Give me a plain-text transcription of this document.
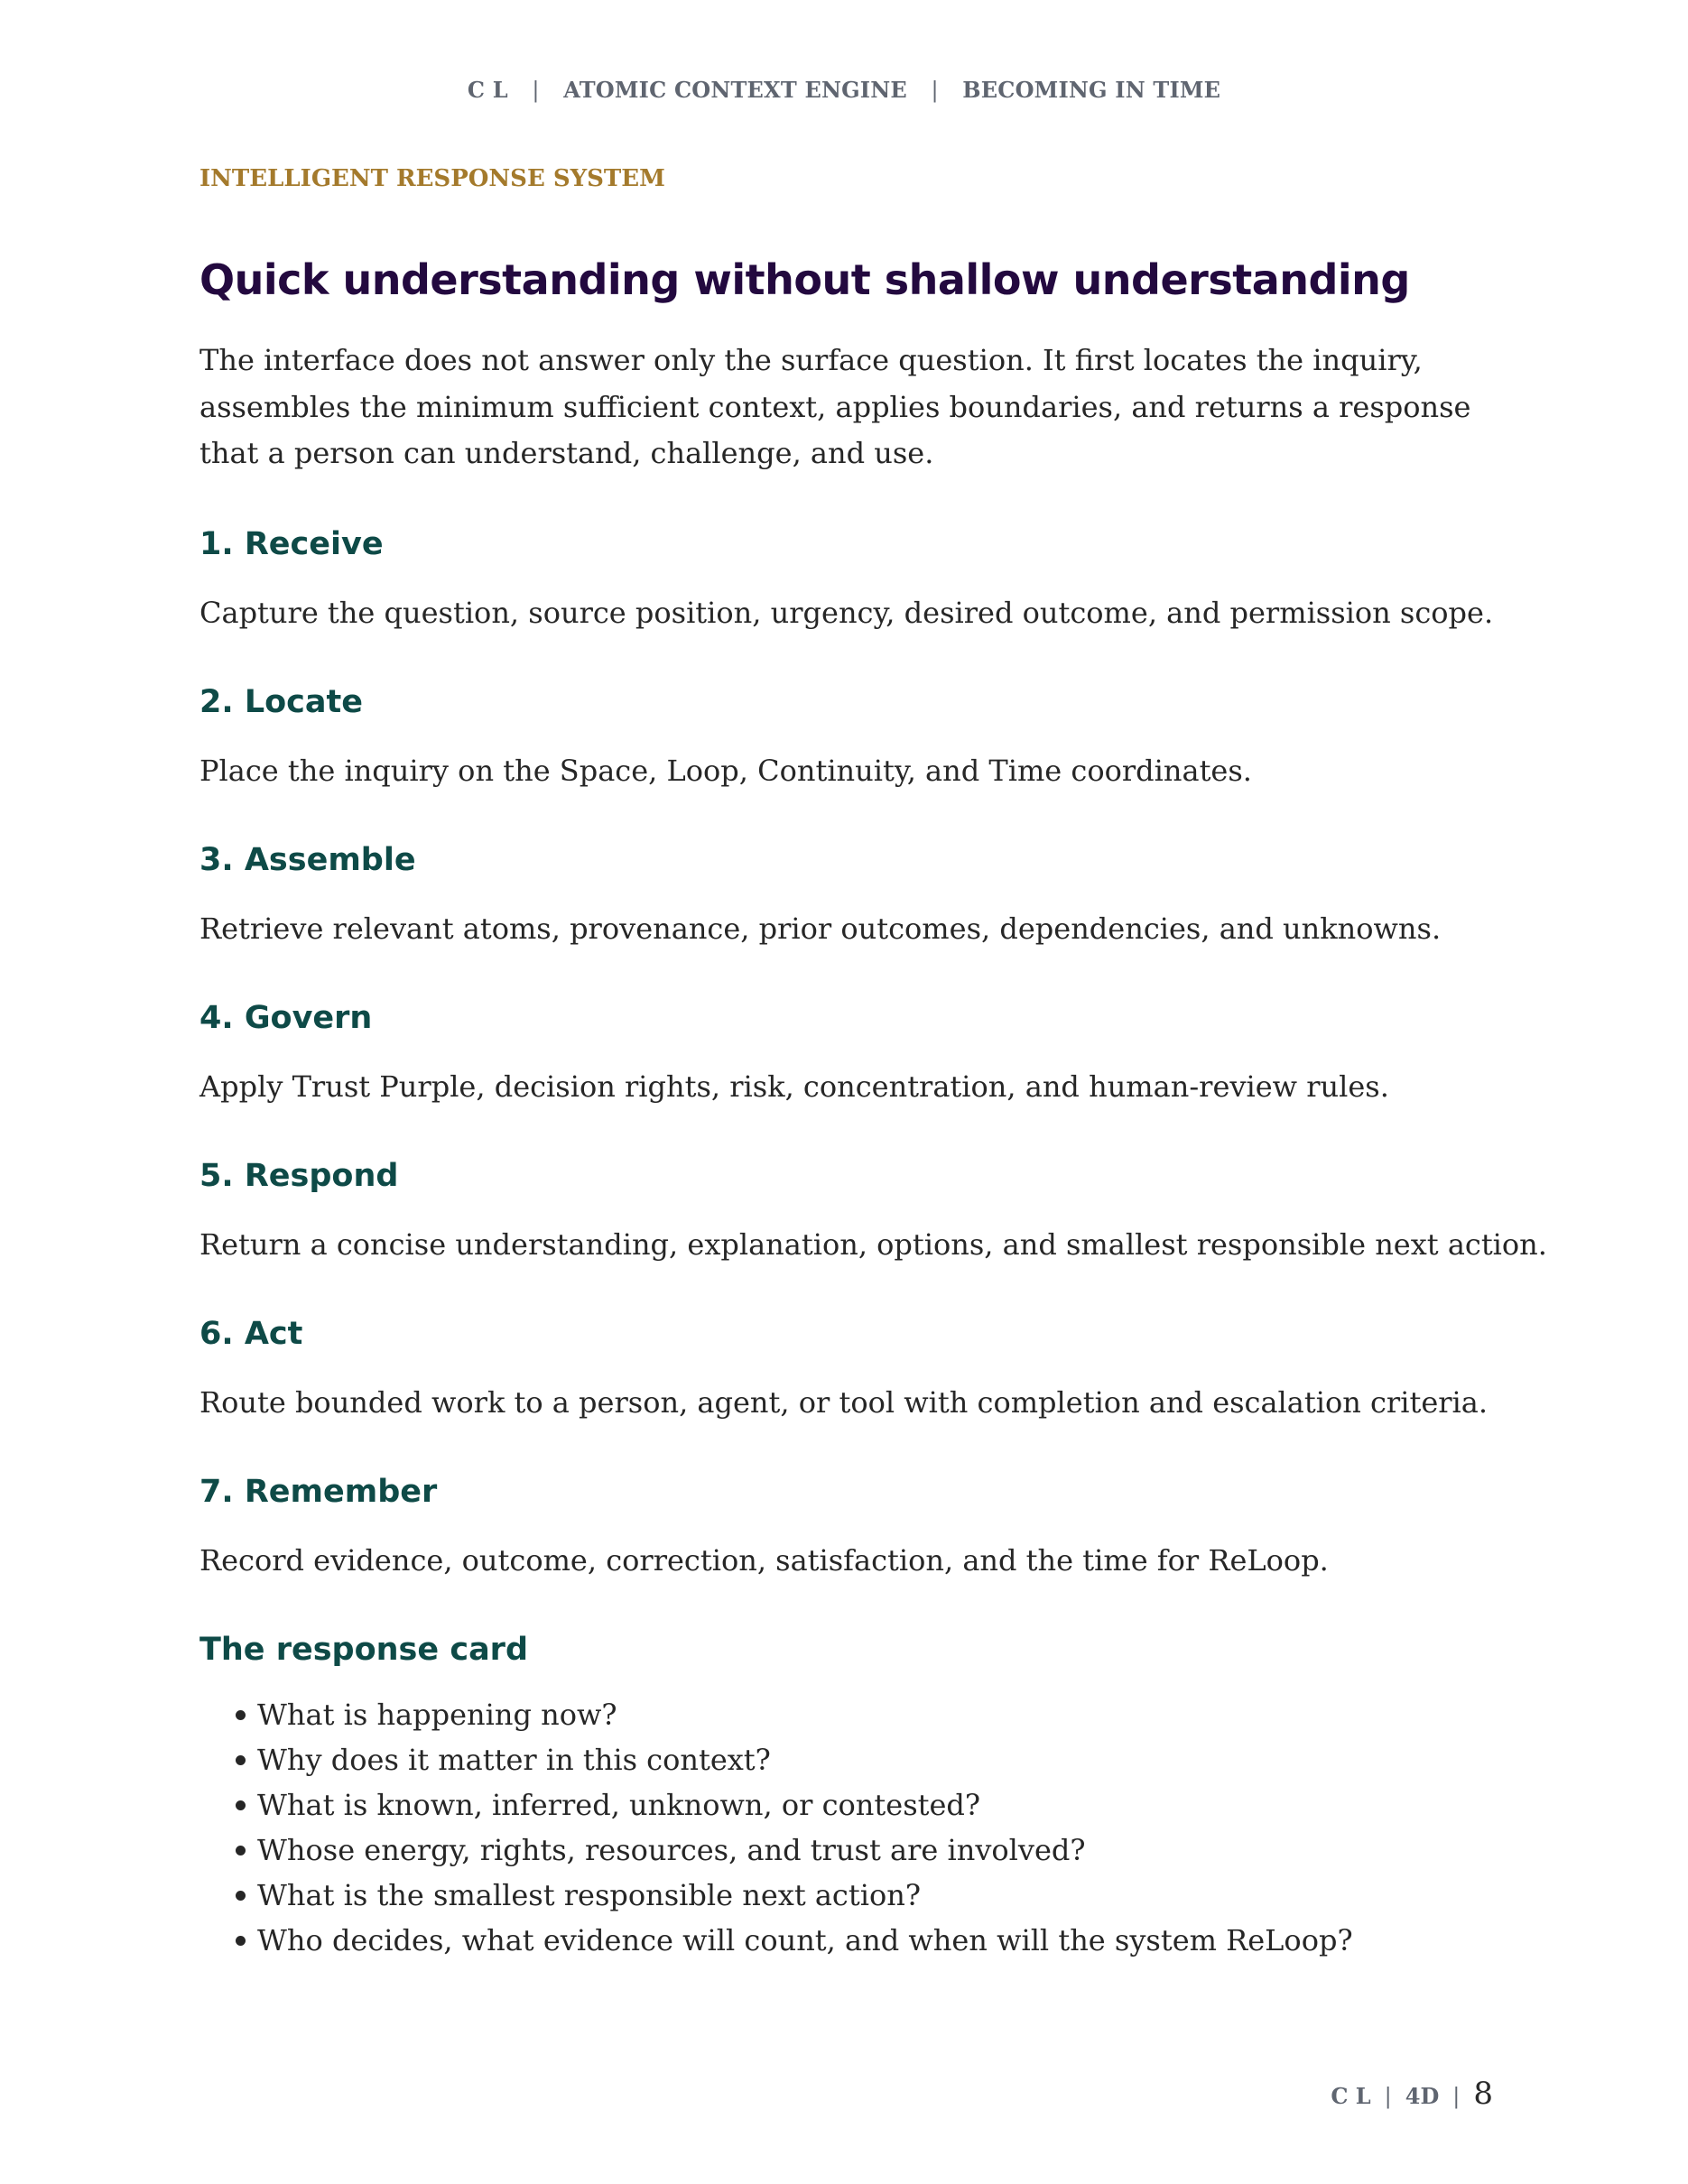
C L | ATOMIC CONTEXT ENGINE | BECOMING IN TIME

INTELLIGENT RESPONSE SYSTEM

Quick understanding without shallow understanding

The interface does not answer only the surface question. It first locates the inquiry, assembles the minimum sufficient context, applies boundaries, and returns a response that a person can understand, challenge, and use.

1. Receive

Capture the question, source position, urgency, desired outcome, and permission scope.

2. Locate

Place the inquiry on the Space, Loop, Continuity, and Time coordinates.

3. Assemble

Retrieve relevant atoms, provenance, prior outcomes, dependencies, and unknowns.

4. Govern

Apply Trust Purple, decision rights, risk, concentration, and human-review rules.

5. Respond

Return a concise understanding, explanation, options, and smallest responsible next action.

6. Act

Route bounded work to a person, agent, or tool with completion and escalation criteria.

7. Remember

Record evidence, outcome, correction, satisfaction, and the time for ReLoop.

The response card
What is happening now?
Why does it matter in this context?
What is known, inferred, unknown, or contested?
Whose energy, rights, resources, and trust are involved?
What is the smallest responsible next action?
Who decides, what evidence will count, and when will the system ReLoop?
C L | 4D | 8
